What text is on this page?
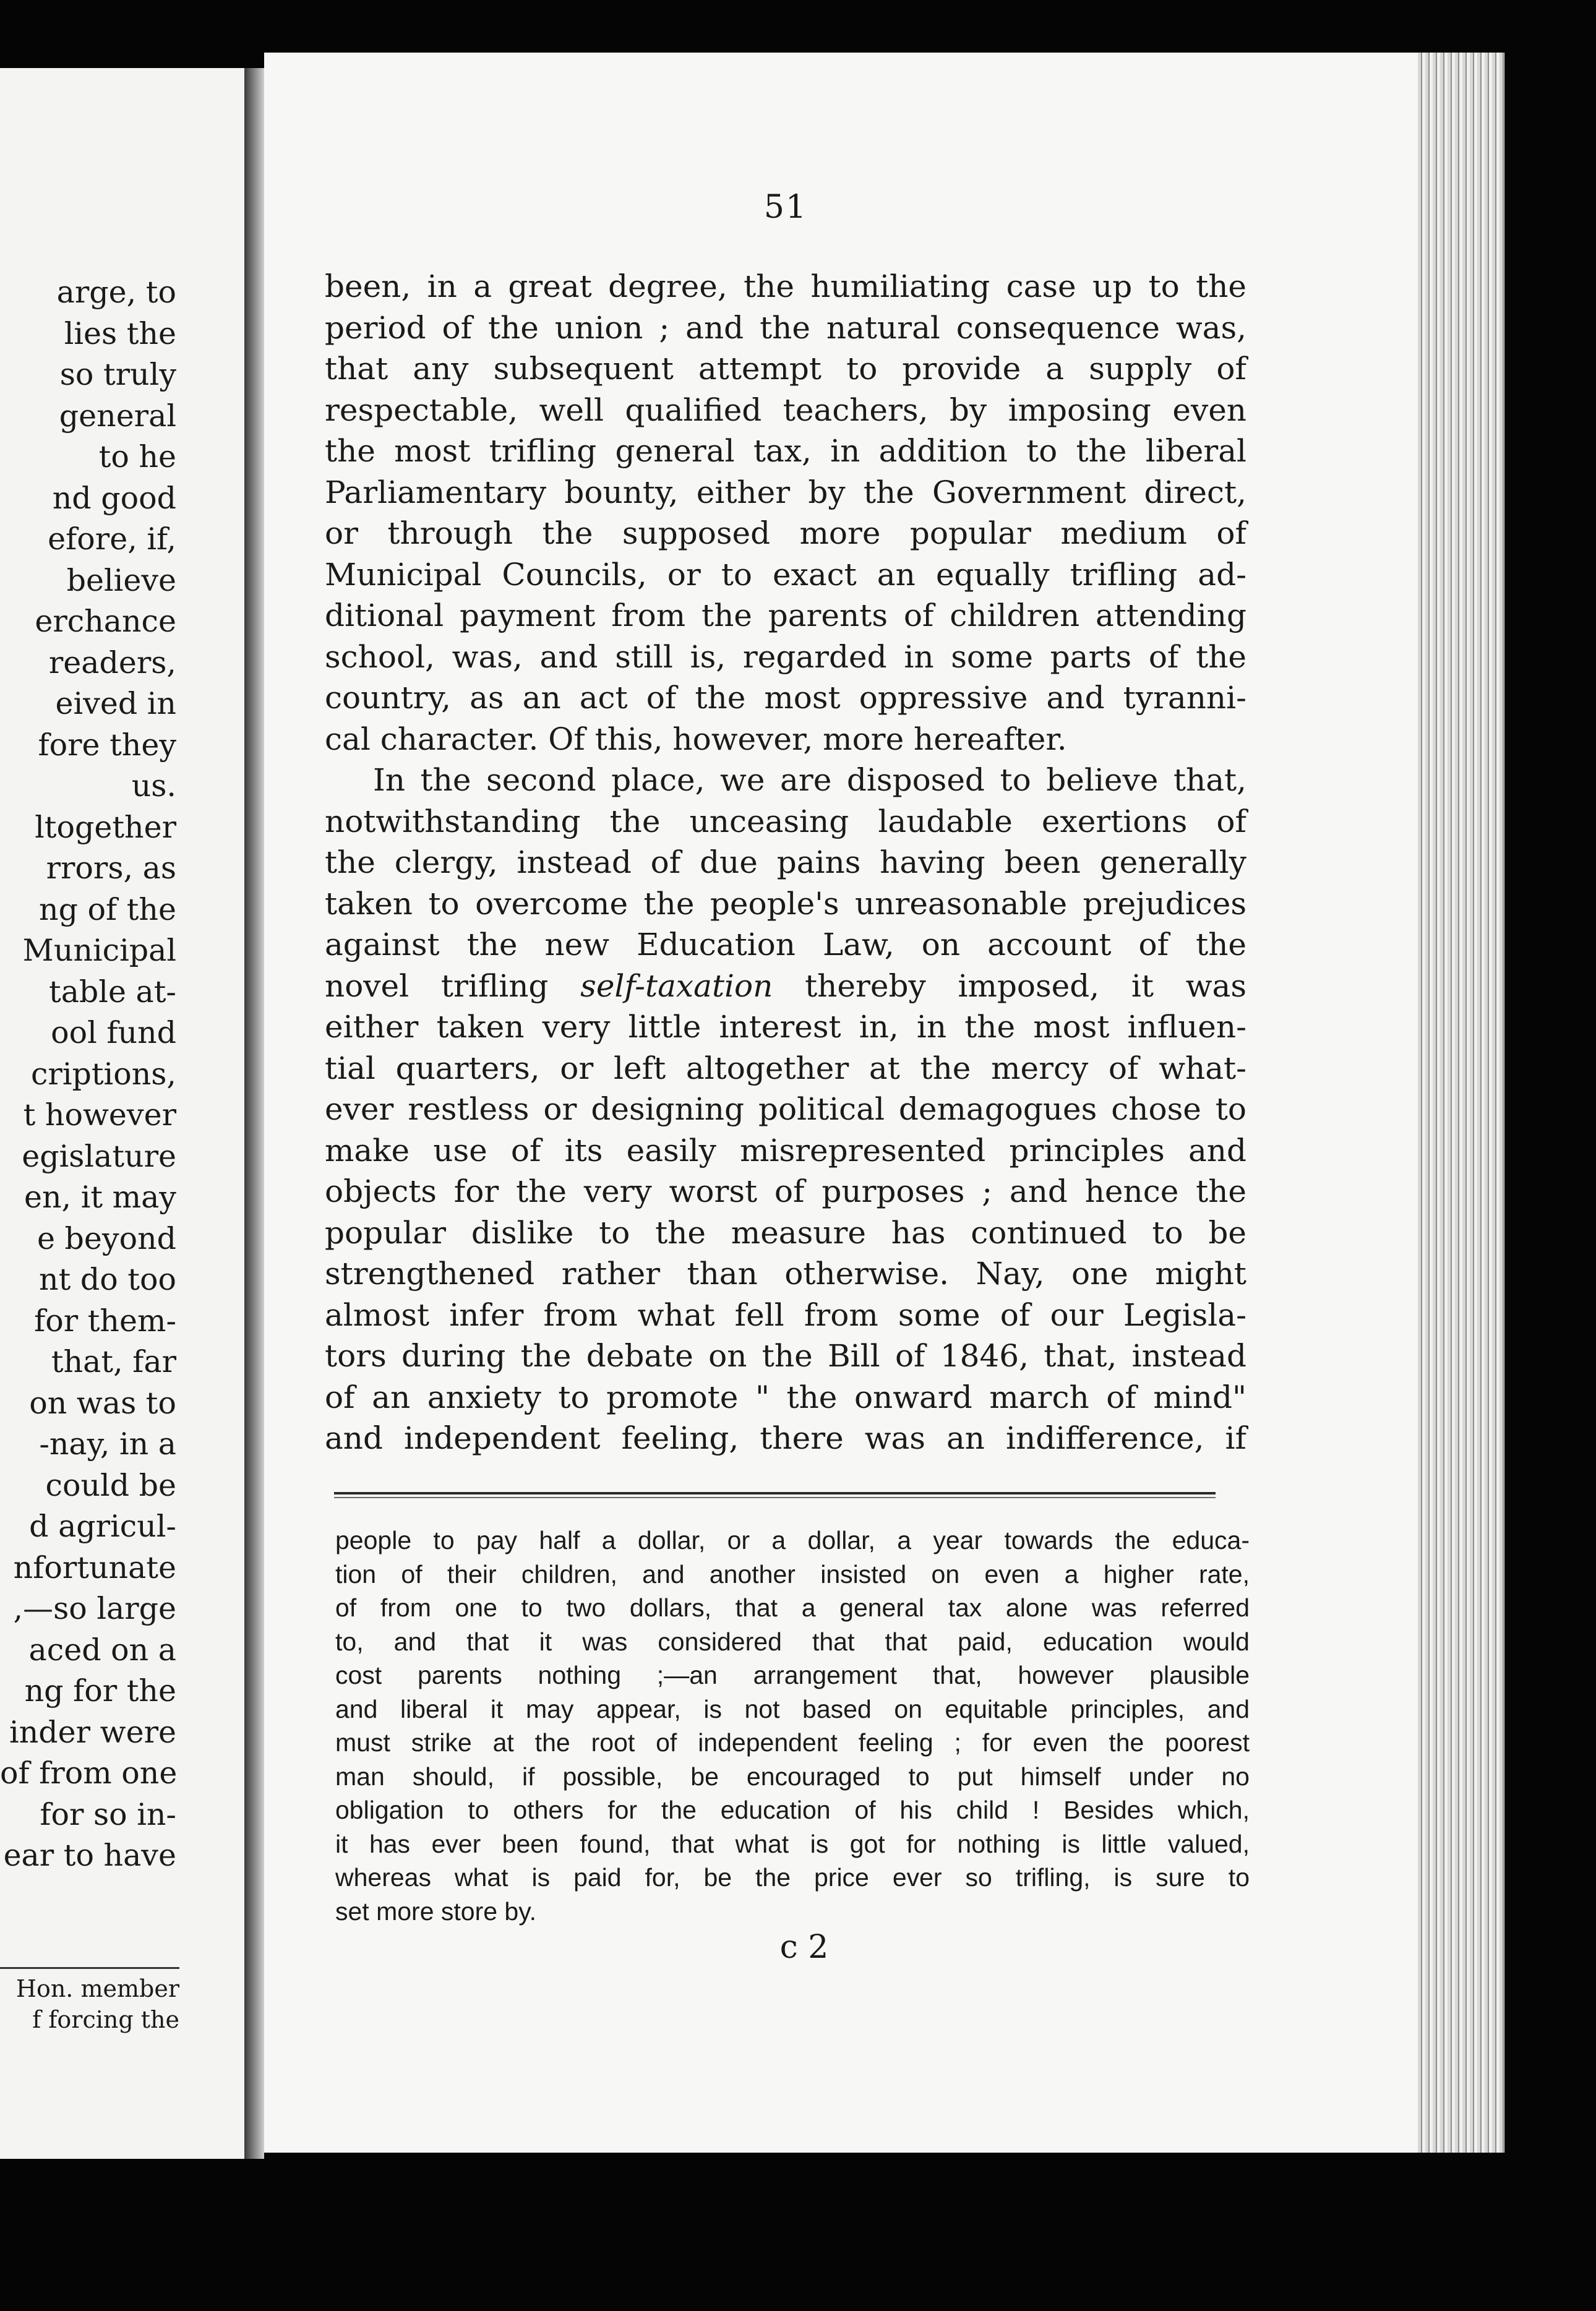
arge, to
lies the
so truly
general
to he
nd good
efore, if,
believe
erchance
readers,
eived in
fore they
us.
ltogether
rrors, as
ng of the
Municipal
table at-
ool fund
criptions,
t however
egislature
en, it may
e beyond
nt do too
for them-
that, far
on was to
-nay, in a
could be
d agricul-
nfortunate
,—so large
aced on a
ng for the
inder were
of from one
for so in-
ear to have
Hon. member
f forcing the
51
been, in a great degree, the humiliating case up to the
period of the union ; and the natural consequence was,
that any subsequent attempt to provide a supply of
respectable, well qualified teachers, by imposing even
the most trifling general tax, in addition to the liberal
Parliamentary bounty, either by the Government direct,
or through the supposed more popular medium of
Municipal Councils, or to exact an equally trifling ad-
ditional payment from the parents of children attending
school, was, and still is, regarded in some parts of the
country, as an act of the most oppressive and tyranni-
cal character. Of this, however, more hereafter.
In the second place, we are disposed to believe that,
notwithstanding the unceasing laudable exertions of
the clergy, instead of due pains having been generally
taken to overcome the people's unreasonable prejudices
against the new Education Law, on account of the
novel trifling self-taxation thereby imposed, it was
either taken very little interest in, in the most influen-
tial quarters, or left altogether at the mercy of what-
ever restless or designing political demagogues chose to
make use of its easily misrepresented principles and
objects for the very worst of purposes ; and hence the
popular dislike to the measure has continued to be
strengthened rather than otherwise. Nay, one might
almost infer from what fell from some of our Legisla-
tors during the debate on the Bill of 1846, that, instead
of an anxiety to promote " the onward march of mind"
and independent feeling, there was an indifference, if
people to pay half a dollar, or a dollar, a year towards the educa-
tion of their children, and another insisted on even a higher rate,
of from one to two dollars, that a general tax alone was referred
to, and that it was considered that that paid, education would
cost parents nothing ;—an arrangement that, however plausible
and liberal it may appear, is not based on equitable principles, and
must strike at the root of independent feeling ; for even the poorest
man should, if possible, be encouraged to put himself under no
obligation to others for the education of his child ! Besides which,
it has ever been found, that what is got for nothing is little valued,
whereas what is paid for, be the price ever so trifling, is sure to
set more store by.
c 2
